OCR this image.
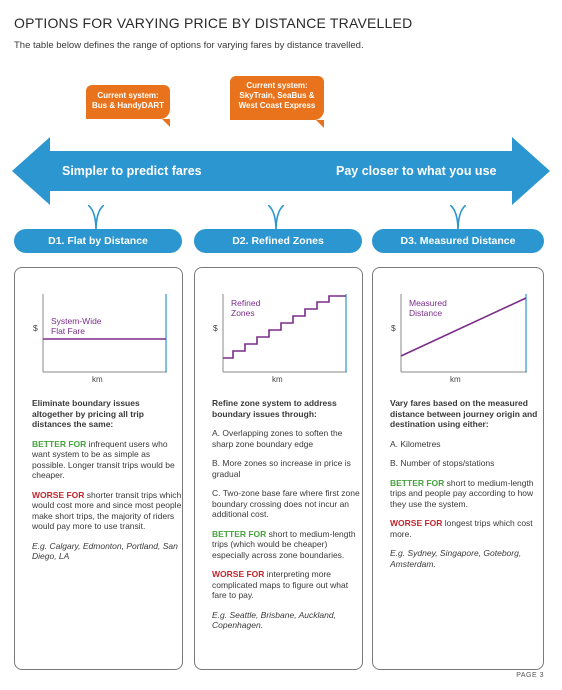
OPTIONS FOR VARYING PRICE BY DISTANCE TRAVELLED
The table below defines the range of options for varying fares by distance travelled.
Current system:
Bus & HandyDART
Current system:
SkyTrain, SeaBus &
West Coast Express
Simpler to predict fares	Pay closer to what you use
D1. Flat by Distance	D2. Refined Zones	D3. Measured Distance
$
System-Wide
Flat Fare
km

Eliminate boundary issues altogether by pricing all trip distances the same:

BETTER FOR infrequent users who want system to be as simple as possible. Longer transit trips would be cheaper.

WORSE FOR shorter transit trips which would cost more and since most people make short trips, the majority of riders would pay more to use transit.

E.g. Calgary, Edmonton, Portland, San Diego, LA

$
Refined
Zones
km

Refine zone system to address boundary issues through:

A. Overlapping zones to soften the sharp zone boundary edge

B. More zones so increase in price is gradual

C. Two-zone base fare where first zone boundary crossing does not incur an additional cost.

BETTER FOR short to medium-length trips (which would be cheaper) especially across zone boundaries.

WORSE FOR interpreting more complicated maps to figure out what fare to pay.

E.g. Seattle, Brisbane, Auckland, Copenhagen.

$
Measured
Distance
km

Vary fares based on the measured distance between journey origin and destination using either:

A. Kilometres

B. Number of stops/stations

BETTER FOR short to medium-length trips and people pay according to how they use the system.

WORSE FOR longest trips which cost more.

E.g. Sydney, Singapore, Goteborg, Amsterdam.

PAGE 3
